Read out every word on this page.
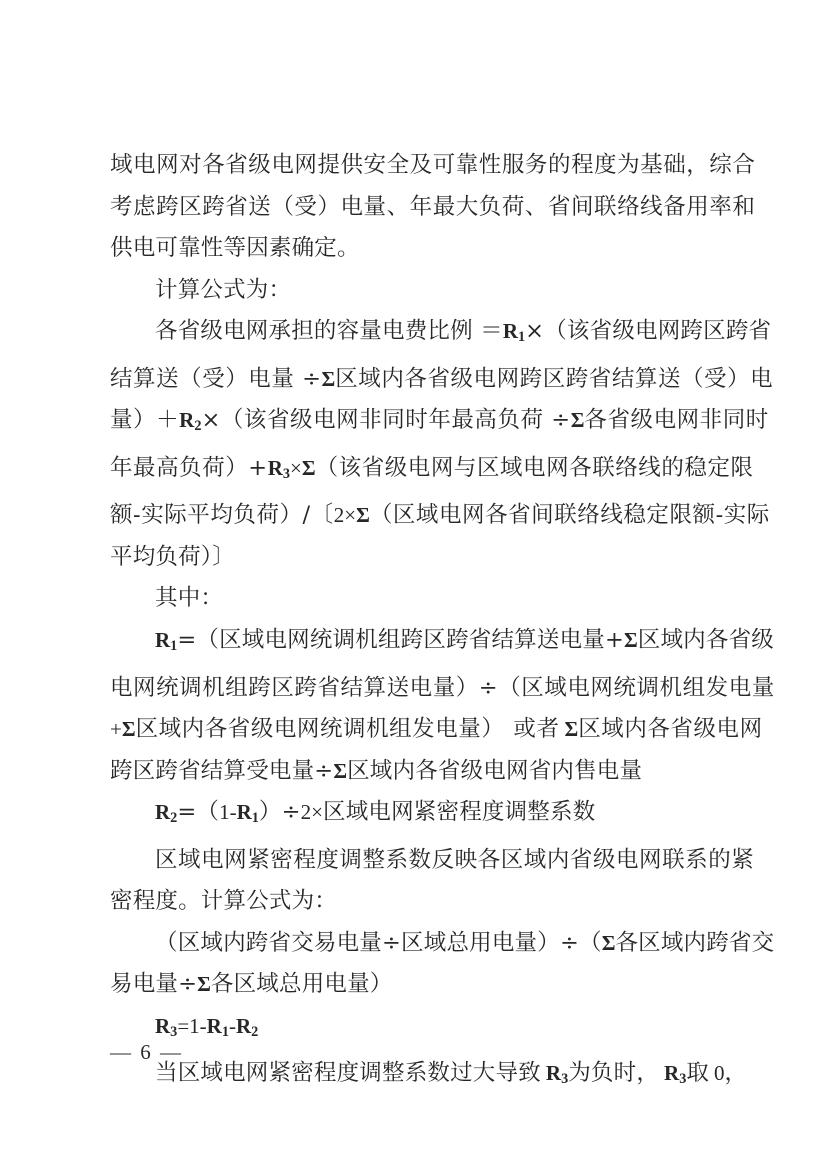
域电网对各省级电网提供安全及可靠性服务的程度为基础，综合
考虑跨区跨省送（受）电量、年最大负荷、省间联络线备用率和
供电可靠性等因素确定。
计算公式为：
各省级电网承担的容量电费比例 $=R_1\times$（该省级电网跨区跨省
结算送（受）电量 ÷Σ区域内各省级电网跨区跨省结算送（受）电
量）$+R_2\times$（该省级电网非同时年最高负荷 ÷Σ各省级电网非同时
年最高负荷）$+R_3\times\Sigma$（该省级电网与区域电网各联络线的稳定限
额-实际平均负荷）/〔2×Σ（区域电网各省间联络线稳定限额-实际
平均负荷）〕
其中：
$R_1=$（区域电网统调机组跨区跨省结算送电量+Σ区域内各省级
电网统调机组跨区跨省结算送电量）÷（区域电网统调机组发电量
+Σ区域内各省级电网统调机组发电量） 或者 Σ区域内各省级电网
跨区跨省结算受电量÷Σ区域内各省级电网省内售电量
$R_2=(1-R_1)\div 2\times$区域电网紧密程度调整系数
区域电网紧密程度调整系数反映各区域内省级电网联系的紧
密程度。计算公式为：
（区域内跨省交易电量÷区域总用电量）÷（Σ各区域内跨省交
易电量÷Σ各区域总用电量）
$R_3=1-R_1-R_2$
当区域电网紧密程度调整系数过大导致 $R_3$为负时， $R_3$取 0，
— 6 —
